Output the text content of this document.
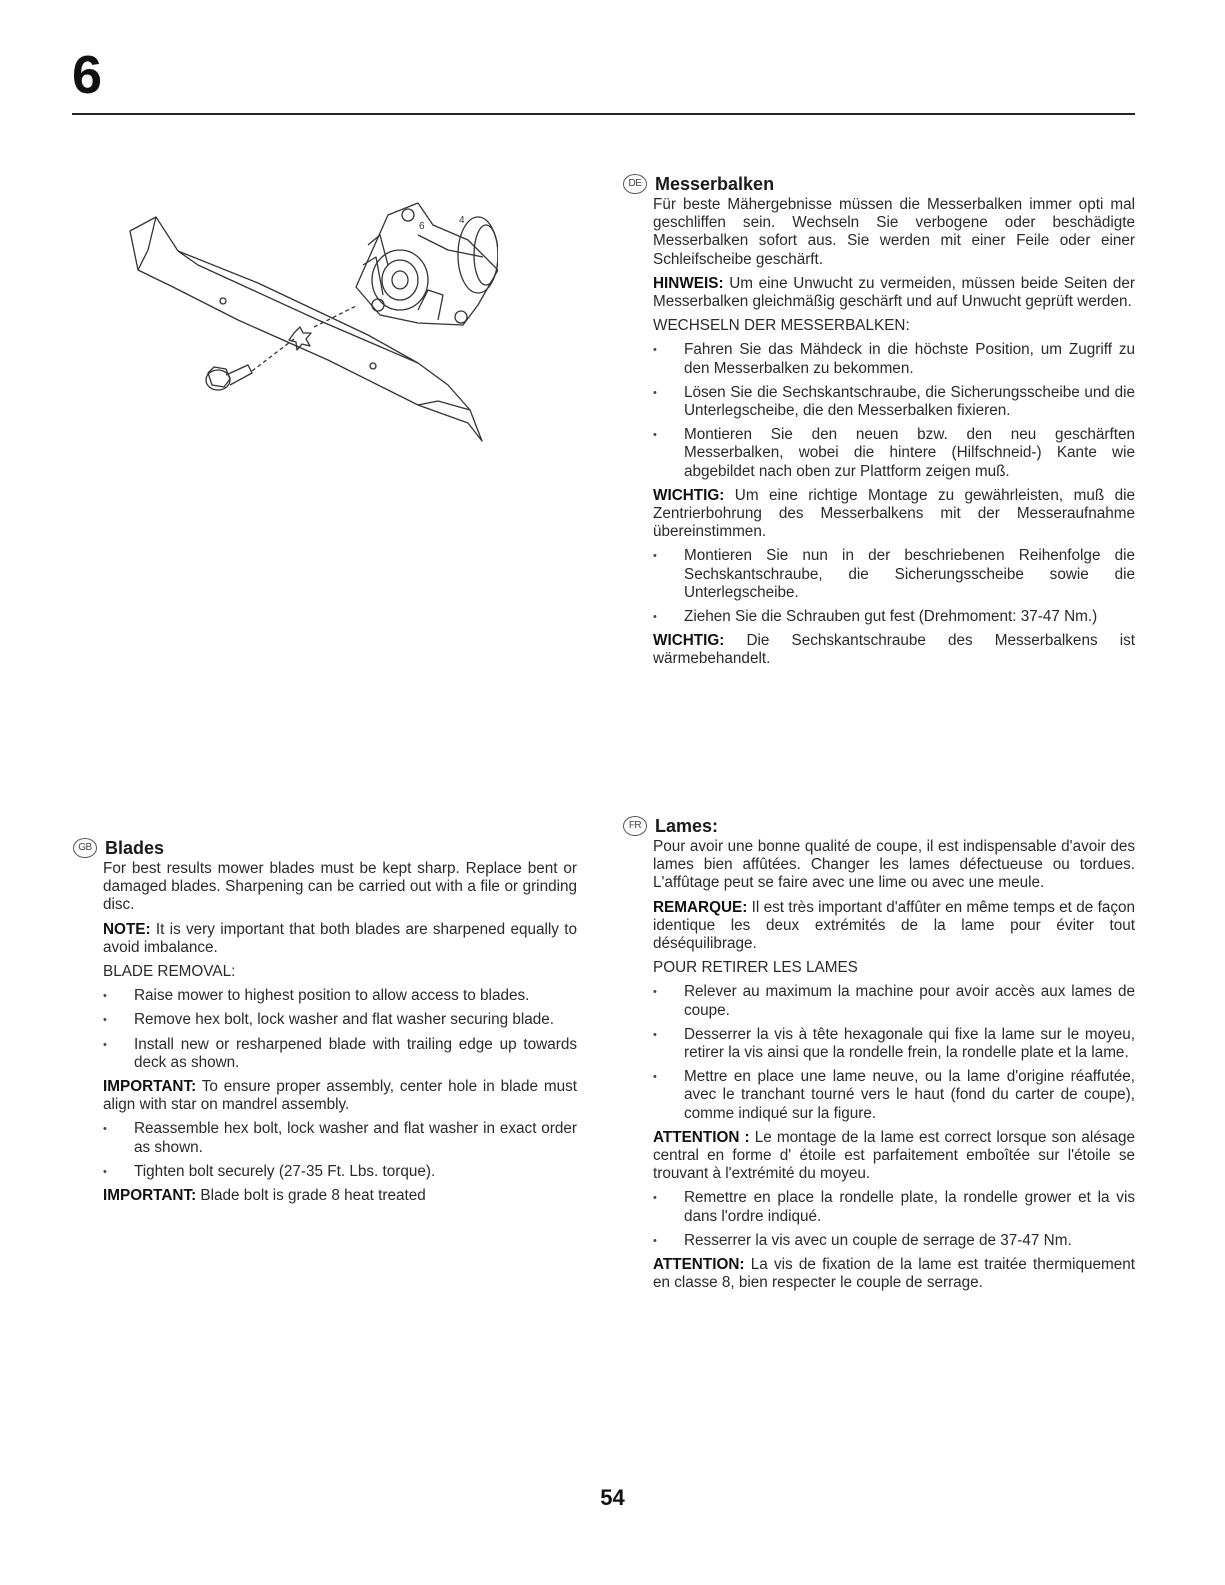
6
6
4
DE Messerbalken

Für beste Mähergebnisse müssen die Messerbalken immer opti mal geschliffen sein. Wechseln Sie verbogene oder beschädigte Messerbalken sofort aus. Sie werden mit einer Feile oder einer Schleifscheibe geschärft.

HINWEIS: Um eine Unwucht zu vermeiden, müssen beide Seiten der Messerbalken gleichmäßig geschärft und auf Unwucht geprüft werden.

WECHSELN DER MESSERBALKEN:

• Fahren Sie das Mähdeck in die höchste Position, um Zugriff zu den Messerbalken zu bekommen.
• Lösen Sie die Sechskantschraube, die Sicherungsscheibe und die Unterlegscheibe, die den Messerbalken fixieren.
• Montieren Sie den neuen bzw. den neu geschärften Messerbalken, wobei die hintere (Hilfschneid-) Kante wie abgebildet nach oben zur Plattform zeigen muß.

WICHTIG: Um eine richtige Montage zu gewährleisten, muß die Zentrierbohrung des Messerbalkens mit der Messeraufnahme übereinstimmen.

• Montieren Sie nun in der beschriebenen Reihenfolge die Sechskantschraube, die Sicherungsscheibe sowie die Unterlegscheibe.
• Ziehen Sie die Schrauben gut fest (Drehmoment: 37-47 Nm.)

WICHTIG: Die Sechskantschraube des Messerbalkens ist wärmebehandelt.

GB Blades

For best results mower blades must be kept sharp. Replace bent or damaged blades. Sharpening can be carried out with a file or grinding disc.

NOTE: It is very important that both blades are sharpened equally to avoid imbalance.

BLADE REMOVAL:

• Raise mower to highest position to allow access to blades.
• Remove hex bolt, lock washer and flat washer securing blade.
• Install new or resharpened blade with trailing edge up towards deck as shown.

IMPORTANT: To ensure proper assembly, center hole in blade must align with star on mandrel assembly.

• Reassemble hex bolt, lock washer and flat washer in exact order as shown.
• Tighten bolt securely (27-35 Ft. Lbs. torque).

IMPORTANT: Blade bolt is grade 8 heat treated

FR Lames:

Pour avoir une bonne qualité de coupe, il est indispensable d'avoir des lames bien affûtées. Changer les lames défectueuse ou tordues. L'affûtage peut se faire avec une lime ou avec une meule.

REMARQUE: Il est très important d'affûter en même temps et de façon identique les deux extrémités de la lame pour éviter tout déséquilibrage.

POUR RETIRER LES LAMES

• Relever au maximum la machine pour avoir accès aux lames de coupe.
• Desserrer la vis à tête hexagonale qui fixe la lame sur le moyeu, retirer la vis ainsi que la rondelle frein, la rondelle plate et la lame.
• Mettre en place une lame neuve, ou la lame d'origine réaffutée, avec le tranchant tourné vers le haut (fond du carter de coupe), comme indiqué sur la figure.

ATTENTION : Le montage de la lame est correct lorsque son alésage central en forme d' étoile est parfaitement emboîtée sur l'étoile se trouvant à l'extrémité du moyeu.

• Remettre en place la rondelle plate, la rondelle grower et la vis dans l'ordre indiqué.
• Resserrer la vis avec un couple de serrage de 37-47 Nm.

ATTENTION: La vis de fixation de la lame est traitée thermiquement en classe 8, bien respecter le couple de serrage.

54
